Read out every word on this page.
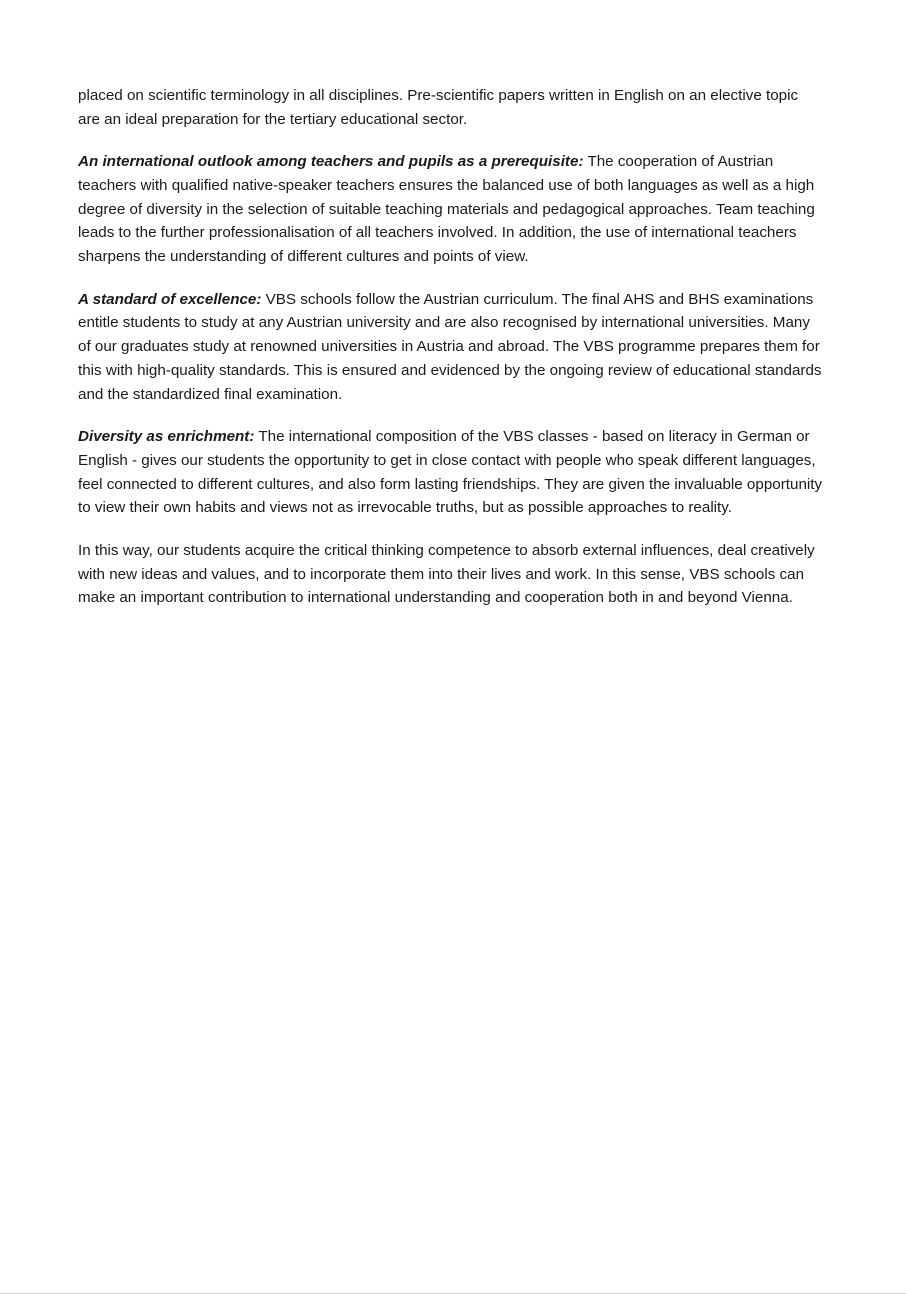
placed on scientific terminology in all disciplines. Pre-scientific papers written in English on an elective topic are an ideal preparation for the tertiary educational sector.

An international outlook among teachers and pupils as a prerequisite: The cooperation of Austrian teachers with qualified native-speaker teachers ensures the balanced use of both languages as well as a high degree of diversity in the selection of suitable teaching materials and pedagogical approaches. Team teaching leads to the further professionalisation of all teachers involved. In addition, the use of international teachers sharpens the understanding of different cultures and points of view.

A standard of excellence: VBS schools follow the Austrian curriculum. The final AHS and BHS examinations entitle students to study at any Austrian university and are also recognised by international universities. Many of our graduates study at renowned universities in Austria and abroad. The VBS programme prepares them for this with high-quality standards. This is ensured and evidenced by the ongoing review of educational standards and the standardized final examination.

Diversity as enrichment: The international composition of the VBS classes - based on literacy in German or English - gives our students the opportunity to get in close contact with people who speak different languages, feel connected to different cultures, and also form lasting friendships. They are given the invaluable opportunity to view their own habits and views not as irrevocable truths, but as possible approaches to reality.

In this way, our students acquire the critical thinking competence to absorb external influences, deal creatively with new ideas and values, and to incorporate them into their lives and work. In this sense, VBS schools can make an important contribution to international understanding and cooperation both in and beyond Vienna.
